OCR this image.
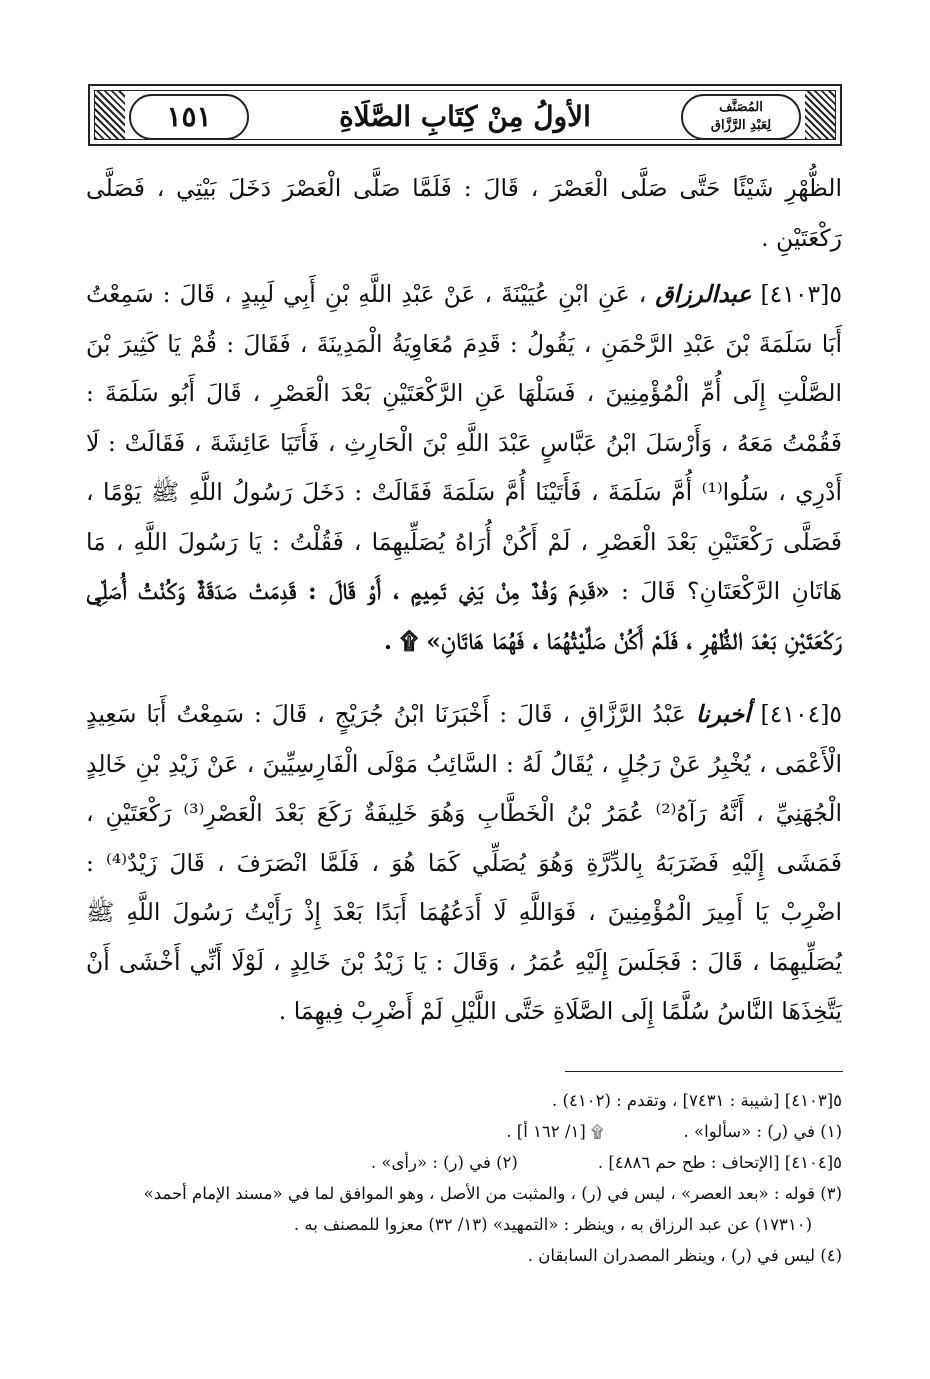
١٥١	الأولُ مِنْ كِتَابِ الصَّلَاةِ	المُصَنَّف
لِعَبْدِ الرَّزَّاق

الظُّهْرِ شَيْئًا حَتَّى صَلَّى الْعَصْرَ ، قَالَ : فَلَمَّا صَلَّى الْعَصْرَ دَخَلَ بَيْتِي ، فَصَلَّى رَكْعَتَيْنِ .

٥[٤١٠٣] عبدالرزاق ، عَنِ ابْنِ عُيَيْنَةَ ، عَنْ عَبْدِ اللَّهِ بْنِ أَبِي لَبِيدٍ ، قَالَ : سَمِعْتُ أَبَا سَلَمَةَ بْنَ عَبْدِ الرَّحْمَنِ ، يَقُولُ : قَدِمَ مُعَاوِيَةُ الْمَدِينَةَ ، فَقَالَ : قُمْ يَا كَثِيرَ بْنَ الصَّلْتِ إِلَى أُمِّ الْمُؤْمِنِينَ ، فَسَلْهَا عَنِ الرَّكْعَتَيْنِ بَعْدَ الْعَصْرِ ، قَالَ أَبُو سَلَمَةَ : فَقُمْتُ مَعَهُ ، وَأَرْسَلَ ابْنُ عَبَّاسٍ عَبْدَ اللَّهِ بْنَ الْحَارِثِ ، فَأَتَيَا عَائِشَةَ ، فَقَالَتْ : لَا أَدْرِي ، سَلُوا⁽¹⁾ أُمَّ سَلَمَةَ ، فَأَتَيْنَا أُمَّ سَلَمَةَ فَقَالَتْ : دَخَلَ رَسُولُ اللَّهِ ﷺ يَوْمًا ، فَصَلَّى رَكْعَتَيْنِ بَعْدَ الْعَصْرِ ، لَمْ أَكُنْ أُرَاهُ يُصَلِّيهِمَا ، فَقُلْتُ : يَا رَسُولَ اللَّهِ ، مَا هَاتَانِ الرَّكْعَتَانِ؟ قَالَ : «قَدِمَ وَفْدٌ مِنْ بَنِي تَمِيمٍ ، أَوْ قَالَ : قَدِمَتْ صَدَقَةٌ وَكُنْتُ أُصَلِّي رَكْعَتَيْنِ بَعْدَ الظُّهْرِ ، فَلَمْ أَكُنْ صَلَّيْتُهُمَا ، فَهُمَا هَاتَانِ» ۩ .

٥[٤١٠٤] أخبرنا عَبْدُ الرَّزَّاقِ ، قَالَ : أَخْبَرَنَا ابْنُ جُرَيْجٍ ، قَالَ : سَمِعْتُ أَبَا سَعِيدٍ الْأَعْمَى ، يُخْبِرُ عَنْ رَجُلٍ ، يُقَالُ لَهُ : السَّائِبُ مَوْلَى الْفَارِسِيِّينَ ، عَنْ زَيْدِ بْنِ خَالِدٍ الْجُهَنِيِّ ، أَنَّهُ رَآهُ⁽²⁾ عُمَرُ بْنُ الْخَطَّابِ وَهُوَ خَلِيفَةٌ رَكَعَ بَعْدَ الْعَصْرِ⁽³⁾ رَكْعَتَيْنِ ، فَمَشَى إِلَيْهِ فَضَرَبَهُ بِالدِّرَّةِ وَهُوَ يُصَلِّي كَمَا هُوَ ، فَلَمَّا انْصَرَفَ ، قَالَ زَيْدٌ⁽⁴⁾ : اضْرِبْ يَا أَمِيرَ الْمُؤْمِنِينَ ، فَوَاللَّهِ لَا أَدَعُهُمَا أَبَدًا بَعْدَ إِذْ رَأَيْتُ رَسُولَ اللَّهِ ﷺ يُصَلِّيهِمَا ، قَالَ : فَجَلَسَ إِلَيْهِ عُمَرُ ، وَقَالَ : يَا زَيْدُ بْنَ خَالِدٍ ، لَوْلَا أَنِّي أَخْشَى أَنْ يَتَّخِذَهَا النَّاسُ سُلَّمًا إِلَى الصَّلَاةِ حَتَّى اللَّيْلِ لَمْ أَضْرِبْ فِيهِمَا .

٥[٤١٠٣] [شيبة : ٧٤٣١] ، وتقدم : (٤١٠٢) .
(١) في (ر) : «سألوا» .
۩ [١/ ١٦٢ أ] .
٥[٤١٠٤] [الإتحاف : طح حم ٤٨٨٦] .
(٢) في (ر) : «رأى» .
(٣) قوله : «بعد العصر» ، ليس في (ر) ، والمثبت من الأصل ، وهو الموافق لما في «مسند الإمام أحمد»
(١٧٣١٠) عن عبد الرزاق به ، وينظر : «التمهيد» (١٣/ ٣٢) معزوا للمصنف به .
(٤) ليس في (ر) ، وينظر المصدران السابقان .
